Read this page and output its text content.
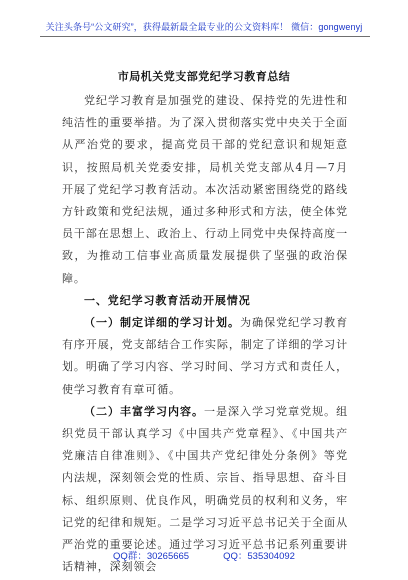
关注头条号“公文研究”，获得最新最全最专业的公文资料库！ 微信：gongwenyj
市局机关党支部党纪学习教育总结

党纪学习教育是加强党的建设、保持党的先进性和纯洁性的重要举措。为了深入贯彻落实党中央关于全面从严治党的要求，提高党员干部的党纪意识和规矩意识，按照局机关党委安排，局机关党支部从4月—7月开展了党纪学习教育活动。本次活动紧密围绕党的路线方针政策和党纪法规，通过多种形式和方法，使全体党员干部在思想上、政治上、行动上同党中央保持高度一致，为推动工信事业高质量发展提供了坚强的政治保障。

一、党纪学习教育活动开展情况

（一）制定详细的学习计划。为确保党纪学习教育有序开展，党支部结合工作实际，制定了详细的学习计划。明确了学习内容、学习时间、学习方式和责任人，使学习教育有章可循。

（二）丰富学习内容。一是深入学习党章党规。组织党员干部认真学习《中国共产党章程》、《中国共产党廉洁自律准则》、《中国共产党纪律处分条例》等党内法规，深刻领会党的性质、宗旨、指导思想、奋斗目标、组织原则、优良作风，明确党员的权利和义务，牢记党的纪律和规矩。二是学习习近平总书记关于全面从严治党的重要论述。通过学习习近平总书记系列重要讲话精神，深刻领会

QQ群：30265665	QQ：535304092
